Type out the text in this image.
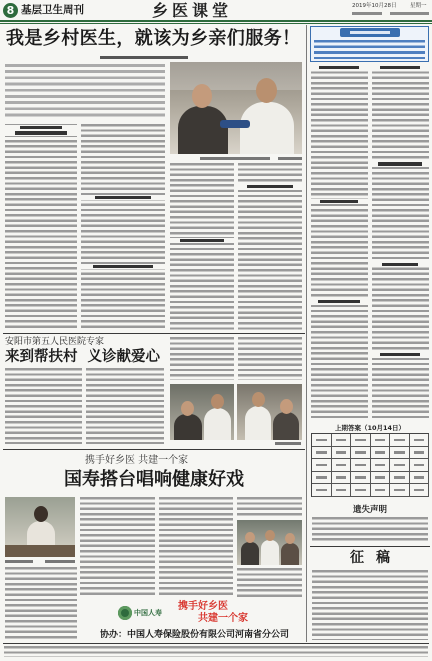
8 基层卫生周刊	乡医课堂	2019年10月28日 星期一
我是乡村医生，就该为乡亲们服务！
安阳市第五人民医院专家
来到帮扶村 义诊献爱心
携手好乡医 共建一个家
国寿搭台唱响健康好戏
中国人寿
携手好乡医
共建一个家
协办：中国人寿保险股份有限公司河南省分公司
上期答案（10月14日）
遗失声明
征稿
